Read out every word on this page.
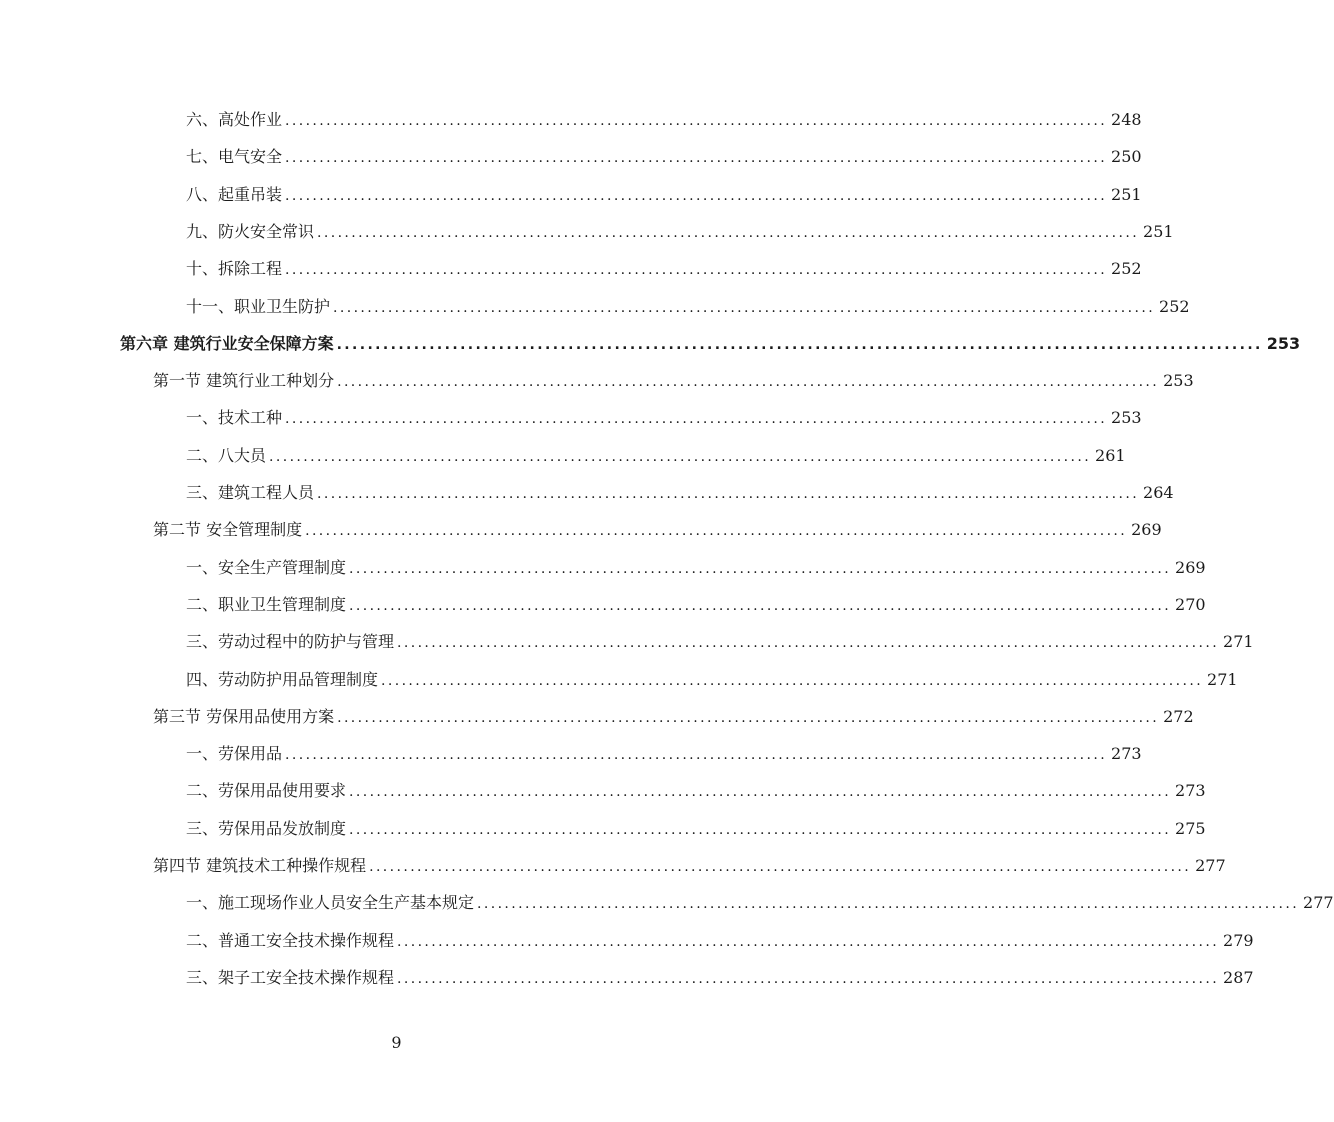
六、高处作业 ........................................................................................................................ 248
七、电气安全 ........................................................................................................................ 250
八、起重吊装 ........................................................................................................................ 251
九、防火安全常识 ........................................................................................................................ 251
十、拆除工程 ........................................................................................................................ 252
十一、职业卫生防护 ........................................................................................................................ 252
第六章 建筑行业安全保障方案 ........................................................................................................................ 253
第一节 建筑行业工种划分 ........................................................................................................................ 253
一、技术工种 ........................................................................................................................ 253
二、八大员 ........................................................................................................................ 261
三、建筑工程人员 ........................................................................................................................ 264
第二节 安全管理制度 ........................................................................................................................ 269
一、安全生产管理制度 ........................................................................................................................ 269
二、职业卫生管理制度 ........................................................................................................................ 270
三、劳动过程中的防护与管理 ........................................................................................................................ 271
四、劳动防护用品管理制度 ........................................................................................................................ 271
第三节 劳保用品使用方案 ........................................................................................................................ 272
一、劳保用品 ........................................................................................................................ 273
二、劳保用品使用要求 ........................................................................................................................ 273
三、劳保用品发放制度 ........................................................................................................................ 275
第四节 建筑技术工种操作规程 ........................................................................................................................ 277
一、施工现场作业人员安全生产基本规定 ........................................................................................................................ 277
二、普通工安全技术操作规程 ........................................................................................................................ 279
三、架子工安全技术操作规程 ........................................................................................................................ 287
9
